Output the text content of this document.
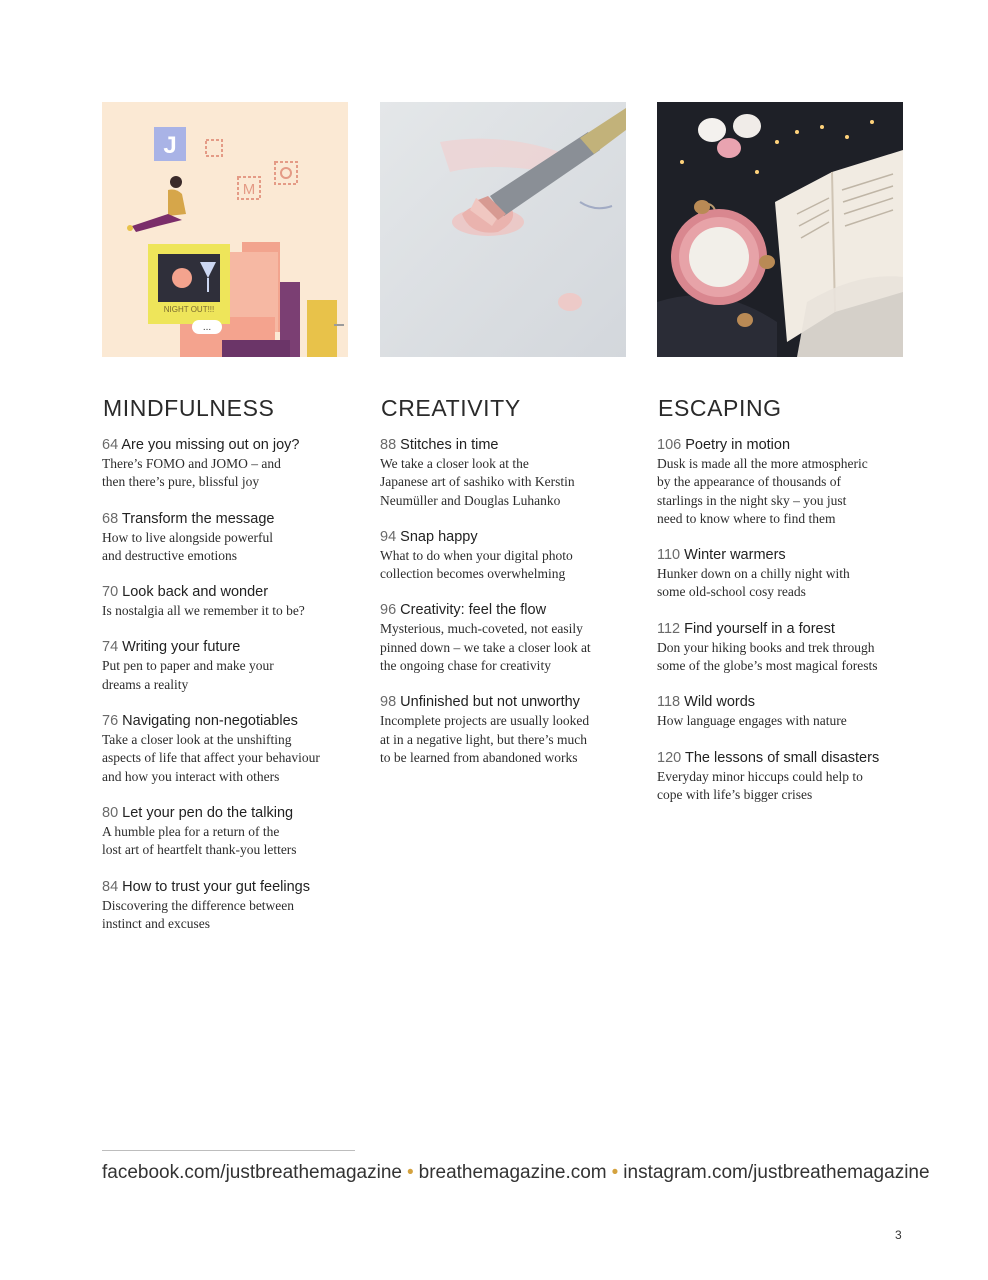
J
M
NIGHT OUT!!!
...
MINDFULNESS
64 Are you missing out on joy?
There’s FOMO and JOMO – and
then there’s pure, blissful joy
68 Transform the message
How to live alongside powerful
and destructive emotions
70 Look back and wonder
Is nostalgia all we remember it to be?
74 Writing your future
Put pen to paper and make your
dreams a reality
76 Navigating non-negotiables
Take a closer look at the unshifting
aspects of life that affect your behaviour
and how you interact with others
80 Let your pen do the talking
A humble plea for a return of the
lost art of heartfelt thank-you letters
84 How to trust your gut feelings
Discovering the difference between
instinct and excuses
CREATIVITY
88 Stitches in time
We take a closer look at the
Japanese art of sashiko with Kerstin
Neumüller and Douglas Luhanko
94 Snap happy
What to do when your digital photo
collection becomes overwhelming
96 Creativity: feel the flow
Mysterious, much-coveted, not easily
pinned down – we take a closer look at
the ongoing chase for creativity
98 Unfinished but not unworthy
Incomplete projects are usually looked
at in a negative light, but there’s much
to be learned from abandoned works
ESCAPING
106 Poetry in motion
Dusk is made all the more atmospheric
by the appearance of thousands of
starlings in the night sky – you just
need to know where to find them
110 Winter warmers
Hunker down on a chilly night with
some old-school cosy reads
112 Find yourself in a forest
Don your hiking books and trek through
some of the globe’s most magical forests
118 Wild words
How language engages with nature
120 The lessons of small disasters
Everyday minor hiccups could help to
cope with life’s bigger crises
facebook.com/justbreathemagazine • breathemagazine.com • instagram.com/justbreathemagazine
3
